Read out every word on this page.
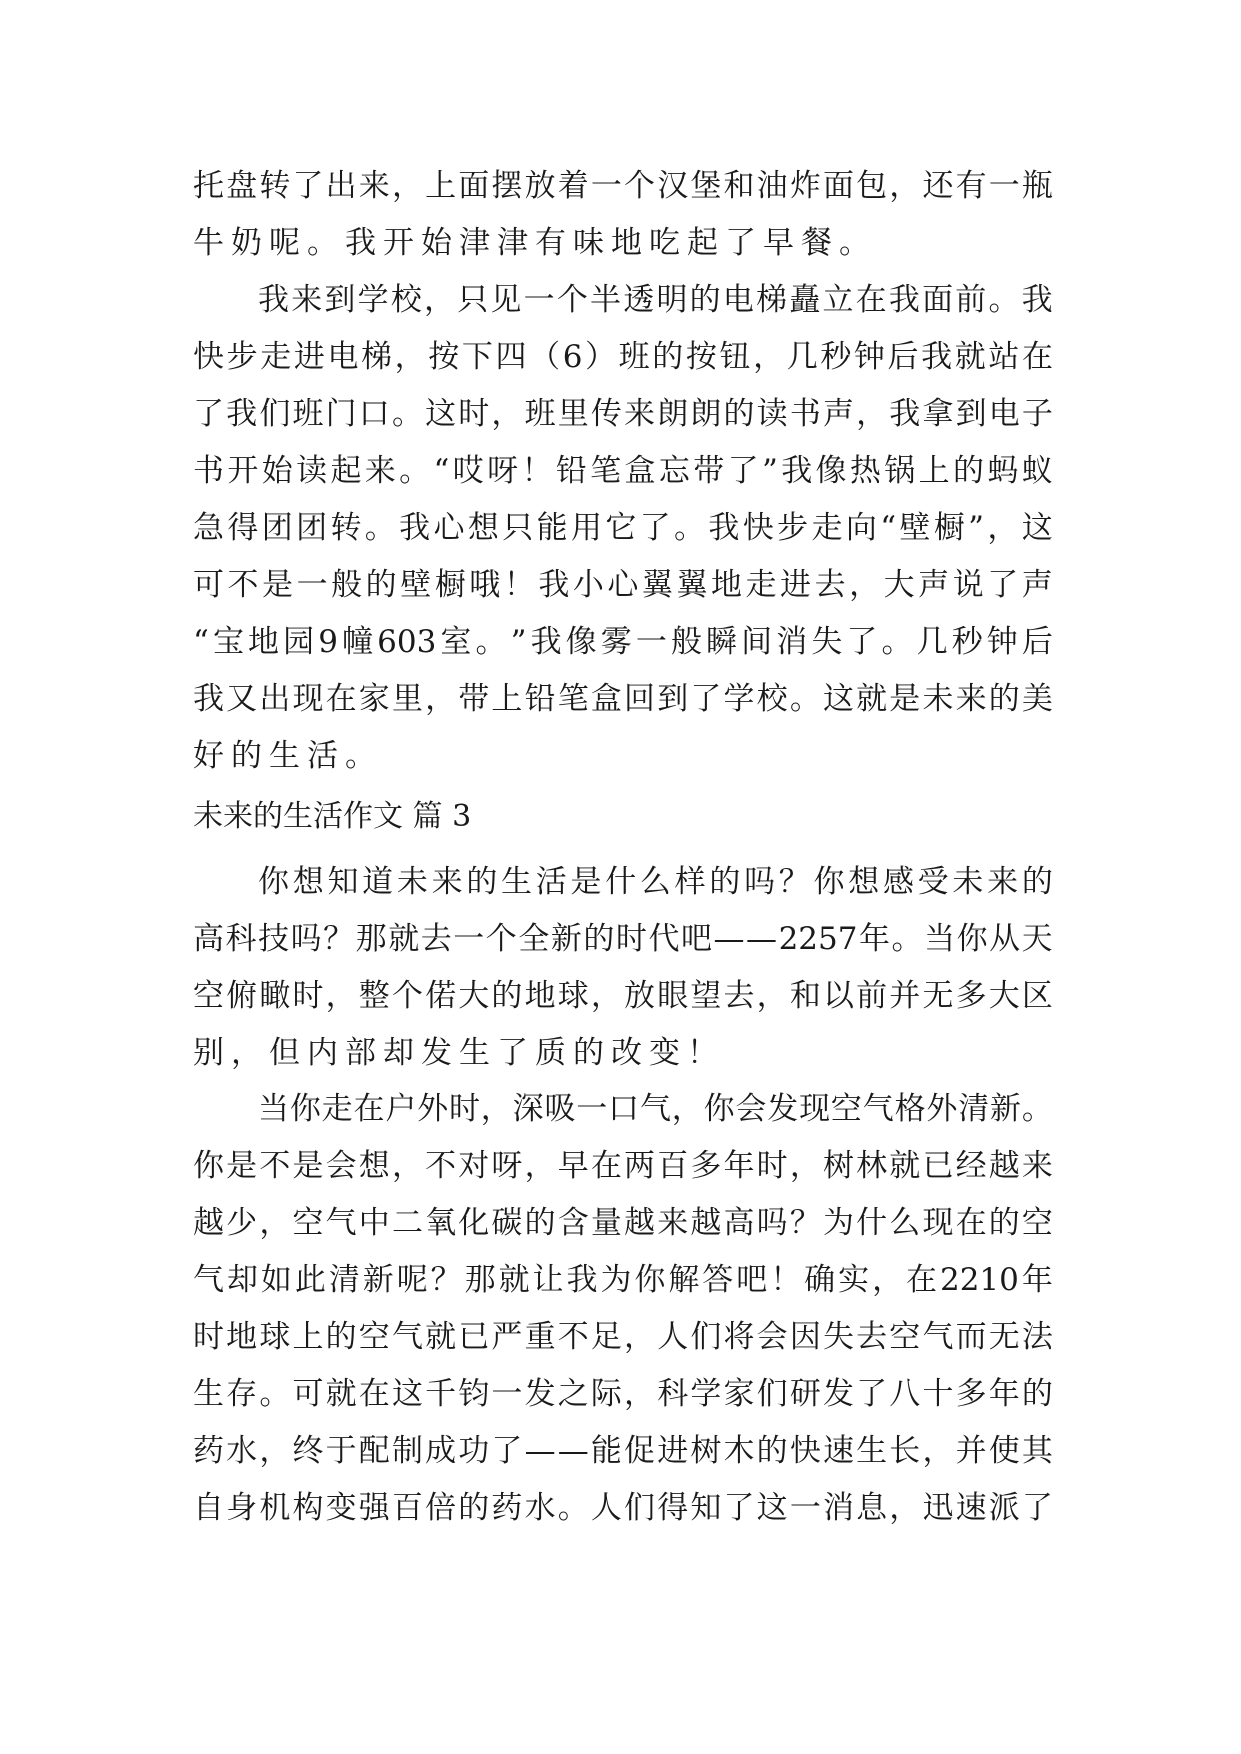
托 盘 转 了 出 来 ， 上 面 摆 放 着 一 个 汉 堡 和 油 炸 面 包 ， 还 有 一 瓶
牛奶呢。我开始津津有味地吃起了早餐。
我 来 到 学 校 ， 只 见 一 个 半 透 明 的 电 梯 矗 立 在 我 面 前 。 我
快 步 走 进 电 梯 ， 按 下 四 （ 6 ） 班 的 按 钮 ， 几 秒 钟 后 我 就 站 在
了 我 们 班 门 口 。 这 时 ， 班 里 传 来 朗 朗 的 读 书 声 ， 我 拿 到 电 子
书 开 始 读 起 来 。 “ 哎 呀 ！ 铅 笔 盒 忘 带 了 ” 我 像 热 锅 上 的 蚂 蚁
急 得 团 团 转 。 我 心 想 只 能 用 它 了 。 我 快 步 走 向 “ 壁 橱 ” ， 这
可 不 是 一 般 的 壁 橱 哦 ！ 我 小 心 翼 翼 地 走 进 去 ， 大 声 说 了 声
“ 宝 地 园 9 幢 603 室 。 ” 我 像 雾 一 般 瞬 间 消 失 了 。 几 秒 钟 后
我 又 出 现 在 家 里 ， 带 上 铅 笔 盒 回 到 了 学 校 。 这 就 是 未 来 的 美
好的生活。
未来的生活作文 篇 3
你 想 知 道 未 来 的 生 活 是 什 么 样 的 吗 ？ 你 想 感 受 未 来 的
高 科 技 吗 ？ 那 就 去 一 个 全 新 的 时 代 吧 — — 2257 年 。 当 你 从 天
空 俯 瞰 时 ， 整 个 偌 大 的 地 球 ， 放 眼 望 去 ， 和 以 前 并 无 多 大 区
别，但内部却发生了质的改变！
当 你 走 在 户 外 时 ， 深 吸 一 口 气 ， 你 会 发 现 空 气 格 外 清 新 。
你 是 不 是 会 想 ， 不 对 呀 ， 早 在 两 百 多 年 时 ， 树 林 就 已 经 越 来
越 少 ， 空 气 中 二 氧 化 碳 的 含 量 越 来 越 高 吗 ？ 为 什 么 现 在 的 空
气 却 如 此 清 新 呢 ？ 那 就 让 我 为 你 解 答 吧 ！ 确 实 ， 在 2210 年
时 地 球 上 的 空 气 就 已 严 重 不 足 ， 人 们 将 会 因 失 去 空 气 而 无 法
生 存 。 可 就 在 这 千 钧 一 发 之 际 ， 科 学 家 们 研 发 了 八 十 多 年 的
药 水 ， 终 于 配 制 成 功 了 — — 能 促 进 树 木 的 快 速 生 长 ， 并 使 其
自 身 机 构 变 强 百 倍 的 药 水 。 人 们 得 知 了 这 一 消 息 ， 迅 速 派 了
